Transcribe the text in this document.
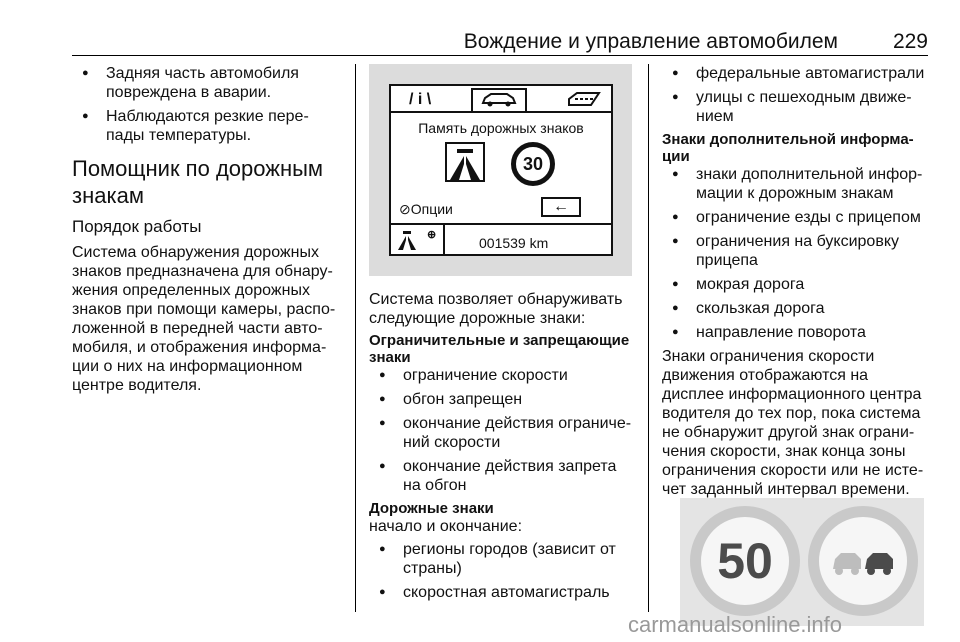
Вождение и управление автомобилем	229
● Задняя часть автомобиля повреждена в аварии.
● Наблюдаются резкие пере-пады температуры.
Помощник по дорожным знакам
Порядок работы
Система обнаружения дорожных знаков предназначена для обнару-жения определенных дорожных знаков при помощи камеры, распо-ложенной в передней части авто-мобиля, и отображения информа-ции о них на информационном центре водителя.
/ i \
Память дорожных знаков
30
⊘Опции	←
⊕	001539 km
Система позволяет обнаруживать следующие дорожные знаки:
Ограничительные и запрещающие знаки
● ограничение скорости
● обгон запрещен
● окончание действия ограниче-ний скорости
● окончание действия запрета на обгон
Дорожные знаки
начало и окончание:
● регионы городов (зависит от страны)
● скоростная автомагистраль
● федеральные автомагистрали
● улицы с пешеходным движе-нием
Знаки дополнительной информа-ции
● знаки дополнительной инфор-мации к дорожным знакам
● ограничение езды с прицепом
● ограничения на буксировку прицепа
● мокрая дорога
● скользкая дорога
● направление поворота
Знаки ограничения скорости движения отображаются на дисплее информационного центра водителя до тех пор, пока система не обнаружит другой знак ограни-чения скорости, знак конца зоны ограничения скорости или не исте-чет заданный интервал времени.
50
carmanualsonline.info
